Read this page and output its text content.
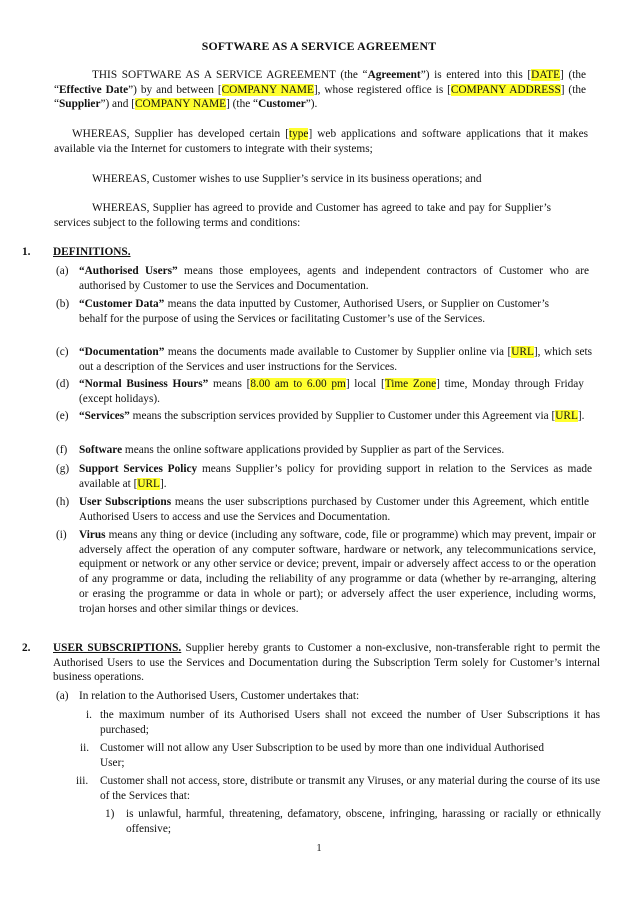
SOFTWARE AS A SERVICE AGREEMENT
THIS SOFTWARE AS A SERVICE AGREEMENT (the “Agreement”) is entered into this [DATE] (the “Effective Date”) by and between [COMPANY NAME], whose registered office is [COMPANY ADDRESS] (the “Supplier”) and [COMPANY NAME] (the “Customer”).
WHEREAS, Supplier has developed certain [type] web applications and software applications that it makes available via the Internet for customers to integrate with their systems;
WHEREAS, Customer wishes to use Supplier’s service in its business operations; and
WHEREAS, Supplier has agreed to provide and Customer has agreed to take and pay for Supplier’s services subject to the following terms and conditions:
1. DEFINITIONS.
(a) “Authorised Users” means those employees, agents and independent contractors of Customer who are authorised by Customer to use the Services and Documentation.
(b) “Customer Data” means the data inputted by Customer, Authorised Users, or Supplier on Customer’s behalf for the purpose of using the Services or facilitating Customer’s use of the Services.
(c) “Documentation” means the documents made available to Customer by Supplier online via [URL], which sets out a description of the Services and user instructions for the Services.
(d) “Normal Business Hours” means [8.00 am to 6.00 pm] local [Time Zone] time, Monday through Friday (except holidays).
(e) “Services” means the subscription services provided by Supplier to Customer under this Agreement via [URL].
(f) Software means the online software applications provided by Supplier as part of the Services.
(g) Support Services Policy means Supplier’s policy for providing support in relation to the Services as made available at [URL].
(h) User Subscriptions means the user subscriptions purchased by Customer under this Agreement, which entitle Authorised Users to access and use the Services and Documentation.
(i) Virus means any thing or device (including any software, code, file or programme) which may prevent, impair or adversely affect the operation of any computer software, hardware or network, any telecommunications service, equipment or network or any other service or device; prevent, impair or adversely affect access to or the operation of any programme or data, including the reliability of any programme or data (whether by re-arranging, altering or erasing the programme or data in whole or part); or adversely affect the user experience, including worms, trojan horses and other similar things or devices.
2. USER SUBSCRIPTIONS. Supplier hereby grants to Customer a non-exclusive, non-transferable right to permit the Authorised Users to use the Services and Documentation during the Subscription Term solely for Customer’s internal business operations.
(a) In relation to the Authorised Users, Customer undertakes that:
i. the maximum number of its Authorised Users shall not exceed the number of User Subscriptions it has purchased;
ii. Customer will not allow any User Subscription to be used by more than one individual Authorised User;
iii. Customer shall not access, store, distribute or transmit any Viruses, or any material during the course of its use of the Services that:
1) is unlawful, harmful, threatening, defamatory, obscene, infringing, harassing or racially or ethnically offensive;
1
